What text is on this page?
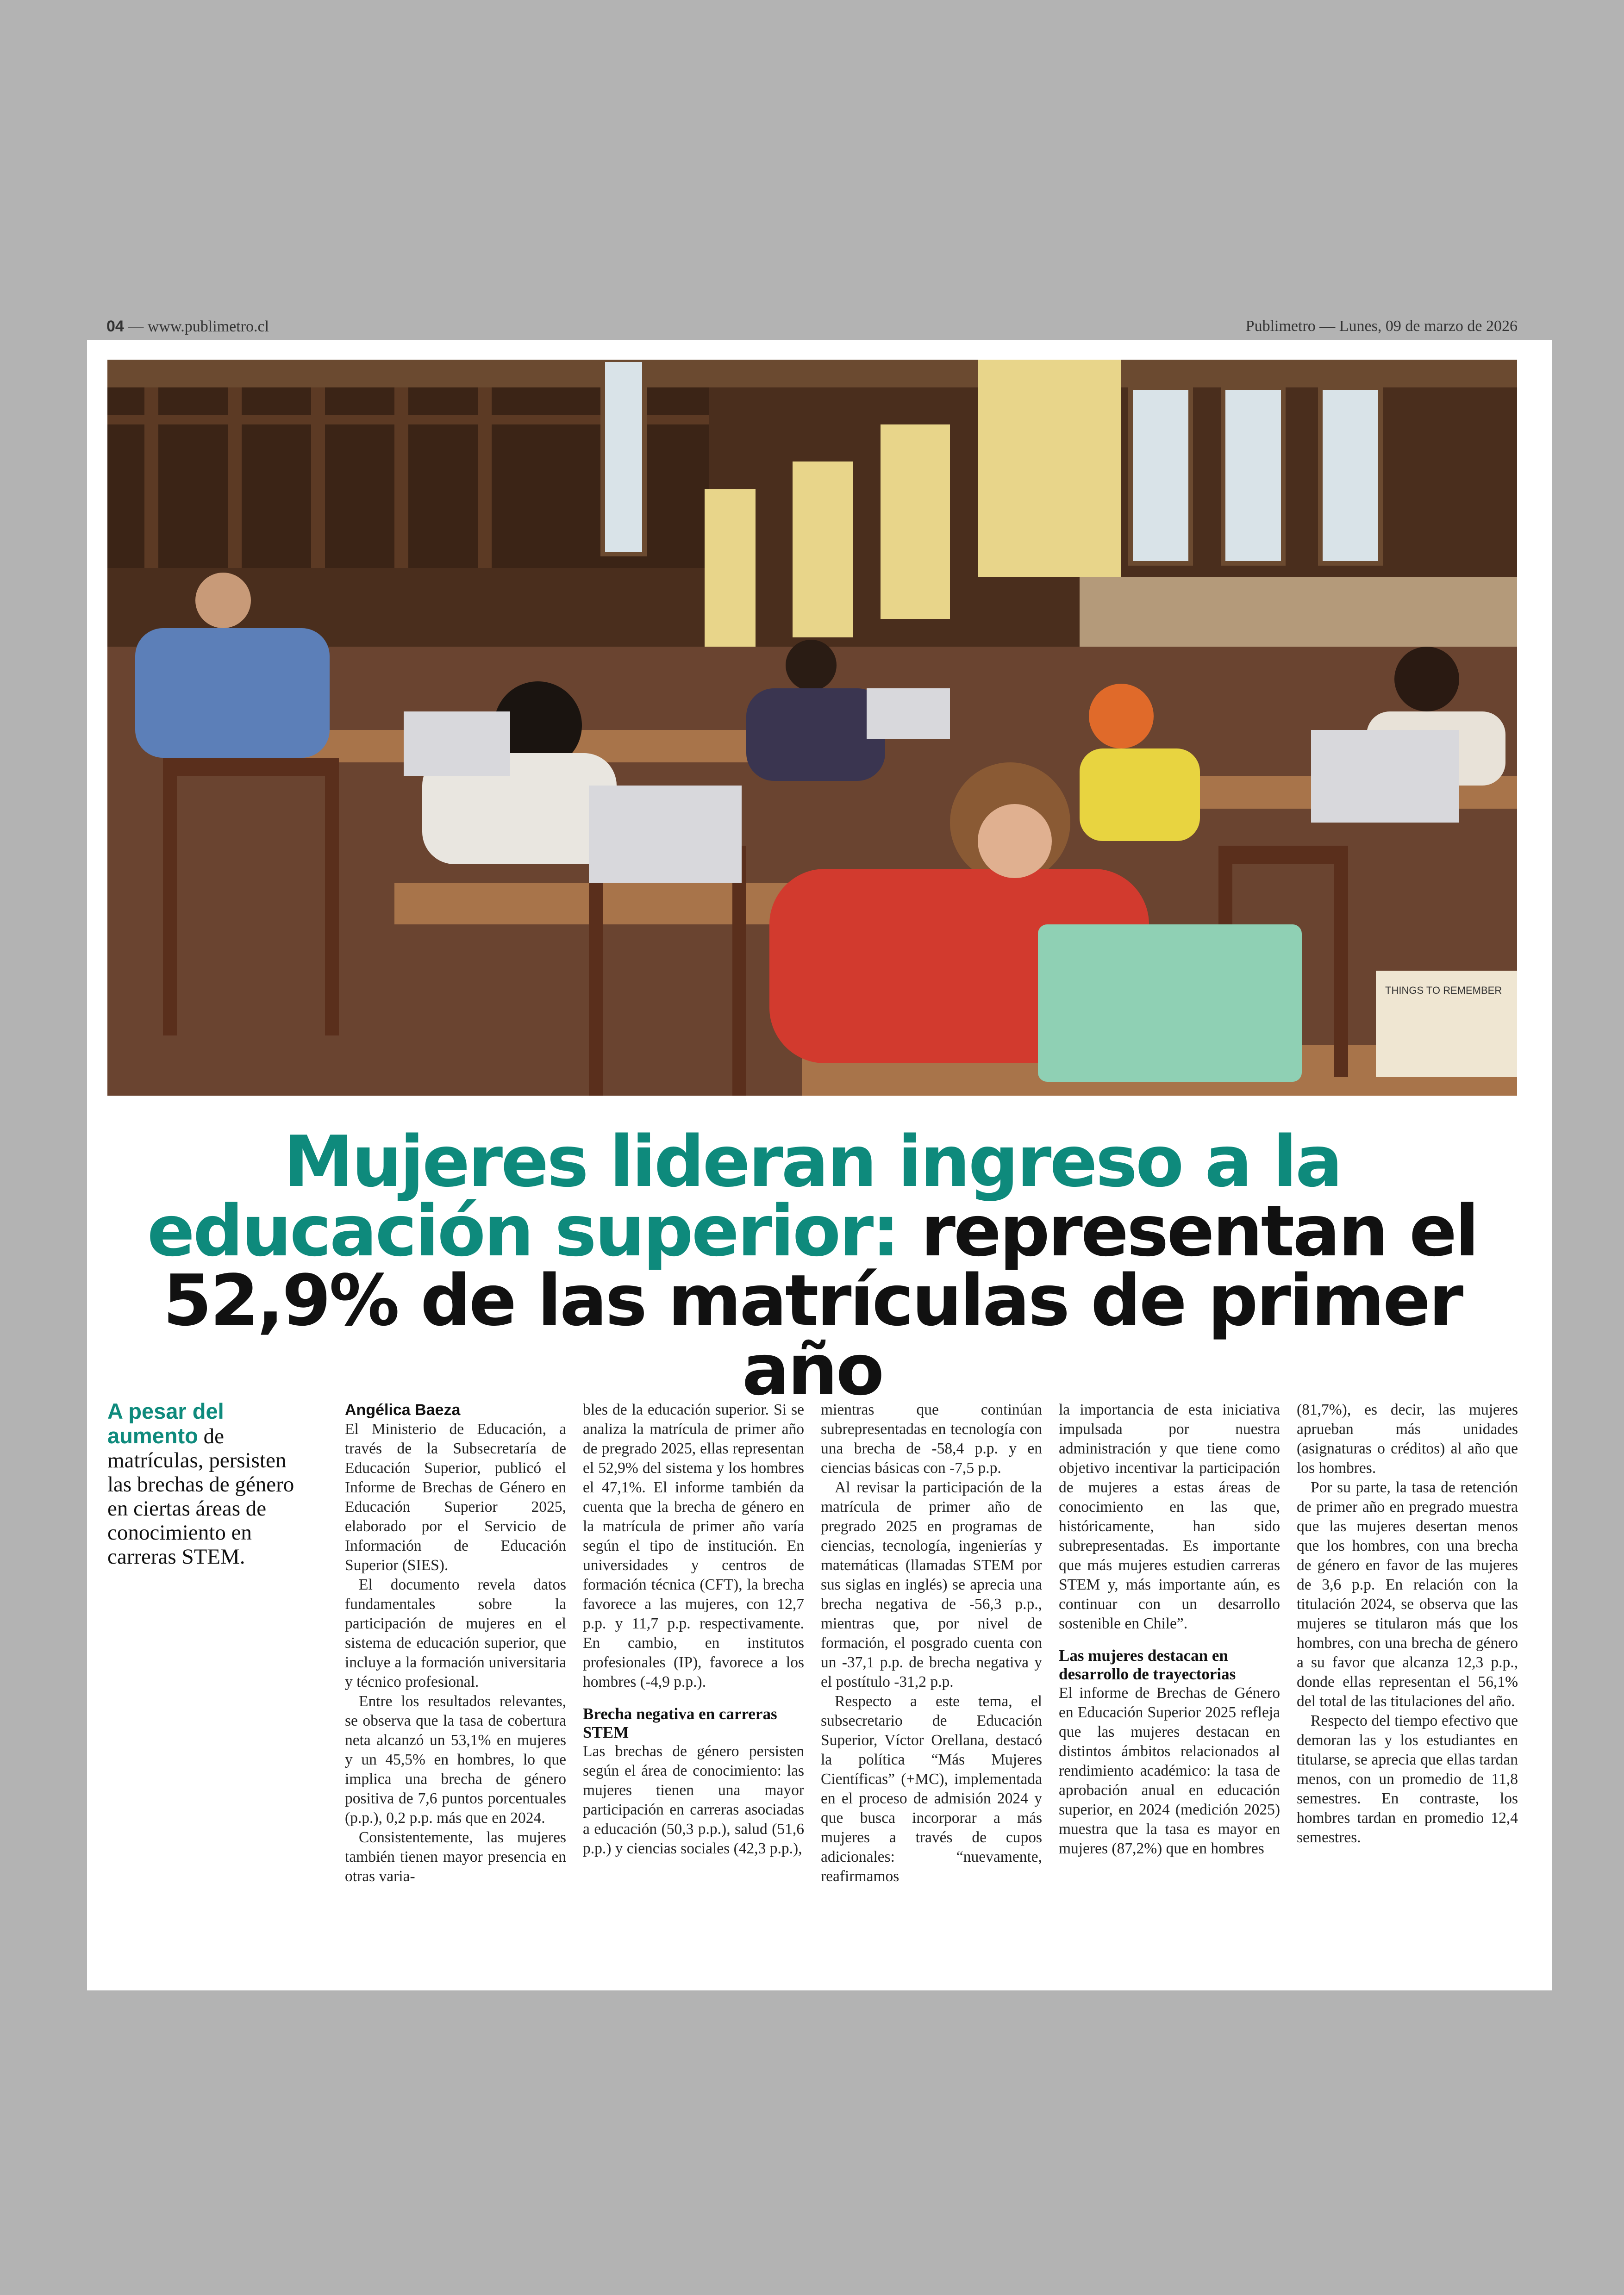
04 — www.publimetro.cl	Publimetro — Lunes, 09 de marzo de 2026
THINGS TO REMEMBER
Mujeres lideran ingreso a la educación superior: representan el 52,9% de las matrículas de primer año
A pesar del aumento de matrículas, persisten las brechas de género en ciertas áreas de conocimiento en carreras STEM.
Angélica Baeza

El Ministerio de Educación, a través de la Subsecretaría de Educación Superior, publicó el Informe de Brechas de Género en Educación Superior 2025, elaborado por el Servicio de Información de Educación Superior (SIES).

El documento revela datos fundamentales sobre la participación de mujeres en el sistema de educación superior, que incluye a la formación universitaria y técnico profesional.

Entre los resultados relevantes, se observa que la tasa de cobertura neta alcanzó un 53,1% en mujeres y un 45,5% en hombres, lo que implica una brecha de género positiva de 7,6 puntos porcentuales (p.p.), 0,2 p.p. más que en 2024.

Consistentemente, las mujeres también tienen mayor presencia en otras varia-

bles de la educación superior. Si se analiza la matrícula de primer año de pregrado 2025, ellas representan el 52,9% del sistema y los hombres el 47,1%. El informe también da cuenta que la brecha de género en la matrícula de primer año varía según el tipo de institución. En universidades y centros de formación técnica (CFT), la brecha favorece a las mujeres, con 12,7 p.p. y 11,7 p.p. respectivamente. En cambio, en institutos profesionales (IP), favorece a los hombres (-4,9 p.p.).

Brecha negativa en carreras STEM

Las brechas de género persisten según el área de conocimiento: las mujeres tienen una mayor participación en carreras asociadas a educación (50,3 p.p.), salud (51,6 p.p.) y ciencias sociales (42,3 p.p.),

mientras que continúan subrepresentadas en tecnología con una brecha de -58,4 p.p. y en ciencias básicas con -7,5 p.p.

Al revisar la participación de la matrícula de primer año de pregrado 2025 en programas de ciencias, tecnología, ingenierías y matemáticas (llamadas STEM por sus siglas en inglés) se aprecia una brecha negativa de -56,3 p.p., mientras que, por nivel de formación, el posgrado cuenta con un -37,1 p.p. de brecha negativa y el postítulo -31,2 p.p.

Respecto a este tema, el subsecretario de Educación Superior, Víctor Orellana, destacó la política “Más Mujeres Científicas” (+MC), implementada en el proceso de admisión 2024 y que busca incorporar a más mujeres a través de cupos adicionales: “nuevamente, reafirmamos

la importancia de esta iniciativa impulsada por nuestra administración y que tiene como objetivo incentivar la participación de mujeres a estas áreas de conocimiento en las que, históricamente, han sido subrepresentadas. Es importante que más mujeres estudien carreras STEM y, más importante aún, es continuar con un desarrollo sostenible en Chile”.

Las mujeres destacan en desarrollo de trayectorias

El informe de Brechas de Género en Educación Superior 2025 refleja que las mujeres destacan en distintos ámbitos relacionados al rendimiento académico: la tasa de aprobación anual en educación superior, en 2024 (medición 2025) muestra que la tasa es mayor en mujeres (87,2%) que en hombres

(81,7%), es decir, las mujeres aprueban más unidades (asignaturas o créditos) al año que los hombres.

Por su parte, la tasa de retención de primer año en pregrado muestra que las mujeres desertan menos que los hombres, con una brecha de género en favor de las mujeres de 3,6 p.p. En relación con la titulación 2024, se observa que las mujeres se titularon más que los hombres, con una brecha de género a su favor que alcanza 12,3 p.p., donde ellas representan el 56,1% del total de las titulaciones del año.

Respecto del tiempo efectivo que demoran las y los estudiantes en titularse, se aprecia que ellas tardan menos, con un promedio de 11,8 semestres. En contraste, los hombres tardan en promedio 12,4 semestres.
